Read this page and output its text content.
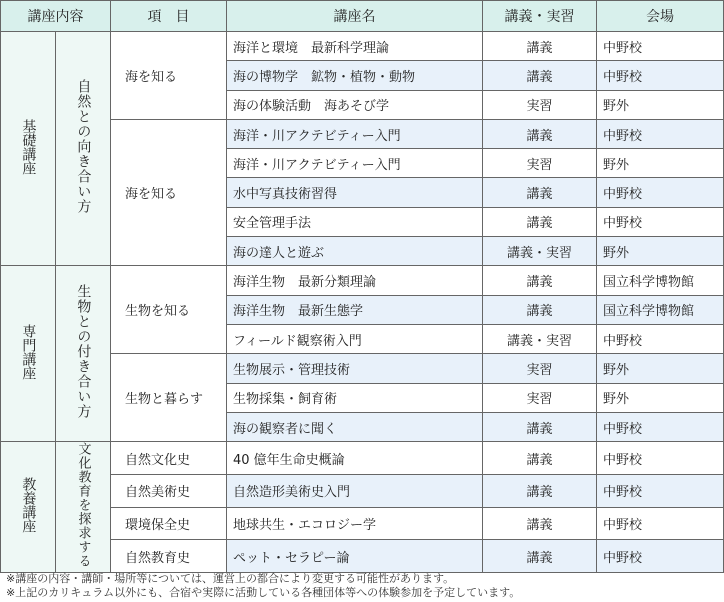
講座内容		項　目	講座名	講義・実習	会場
基礎講座	自然との向き合い方	海を知る	海洋と環境　最新科学理論	講義	中野校
			海の博物学　鉱物・植物・動物	講義	中野校
			海の体験活動　海あそび学	実習	野外
		海を知る	海洋・川アクテビティー入門	講義	中野校
			海洋・川アクテビティー入門	実習	野外
			水中写真技術習得	講義	中野校
			安全管理手法	講義	中野校
			海の達人と遊ぶ	講義・実習	野外
専門講座	生物との付き合い方	生物を知る	海洋生物　最新分類理論	講義	国立科学博物館
			海洋生物　最新生態学	講義	国立科学博物館
			フィールド観察術入門	講義・実習	中野校
		生物と暮らす	生物展示・管理技術	実習	野外
			生物採集・飼育術	実習	野外
			海の観察者に聞く	講義	中野校
教養講座	文化教育を探求する	自然文化史	40 億年生命史概論	講義	中野校
		自然美術史	自然造形美術史入門	講義	中野校
		環境保全史	地球共生・エコロジー学	講義	中野校
		自然教育史	ペット・セラピー論	講義	中野校
※講座の内容・講師・場所等については、運営上の都合により変更する可能性があります。
※上記のカリキュラム以外にも、合宿や実際に活動している各種団体等への体験参加を予定しています。
